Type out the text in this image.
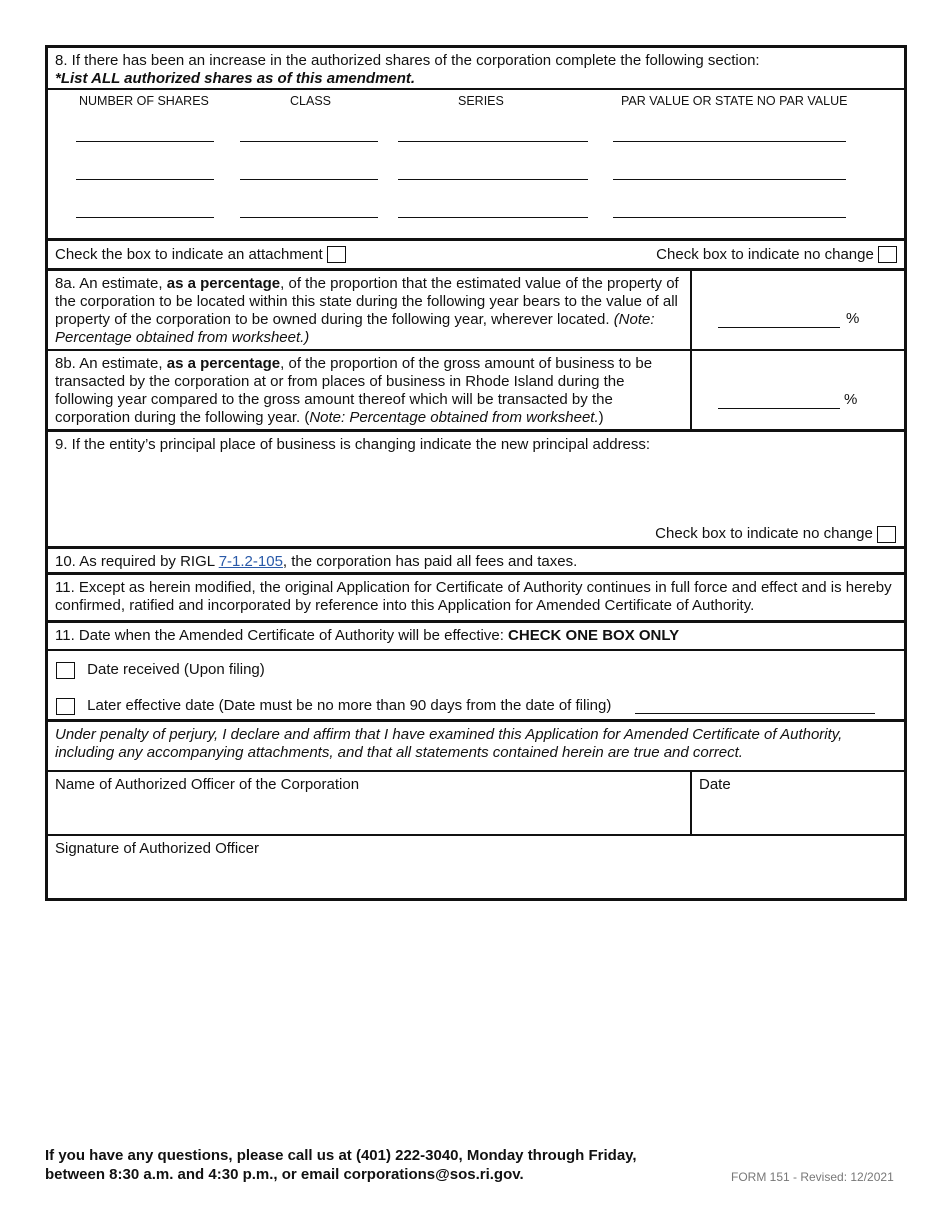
8. If there has been an increase in the authorized shares of the corporation complete the following section:
*List ALL authorized shares as of this amendment.
NUMBER OF SHARES	CLASS	SERIES	PAR VALUE OR STATE NO PAR VALUE
Check the box to indicate an attachment	Check box to indicate no change
8a. An estimate, as a percentage, of the proportion that the estimated value of the property of the corporation to be located within this state during the following year bears to the value of all property of the corporation to be owned during the following year, wherever located. (Note: Percentage obtained from worksheet.)
%
8b. An estimate, as a percentage, of the proportion of the gross amount of business to be transacted by the corporation at or from places of business in Rhode Island during the following year compared to the gross amount thereof which will be transacted by the corporation during the following year. (Note: Percentage obtained from worksheet.)
%
9. If the entity’s principal place of business is changing indicate the new principal address:
Check box to indicate no change
10. As required by RIGL 7-1.2-105, the corporation has paid all fees and taxes.
11. Except as herein modified, the original Application for Certificate of Authority continues in full force and effect and is hereby confirmed, ratified and incorporated by reference into this Application for Amended Certificate of Authority.
11. Date when the Amended Certificate of Authority will be effective: CHECK ONE BOX ONLY
Date received (Upon filing)
Later effective date (Date must be no more than 90 days from the date of filing)
Under penalty of perjury, I declare and affirm that I have examined this Application for Amended Certificate of Authority, including any accompanying attachments, and that all statements contained herein are true and correct.
Name of Authorized Officer of the Corporation	Date
Signature of Authorized Officer
If you have any questions, please call us at (401) 222-3040, Monday through Friday,
between 8:30 a.m. and 4:30 p.m., or email corporations@sos.ri.gov.	FORM 151 - Revised: 12/2021
